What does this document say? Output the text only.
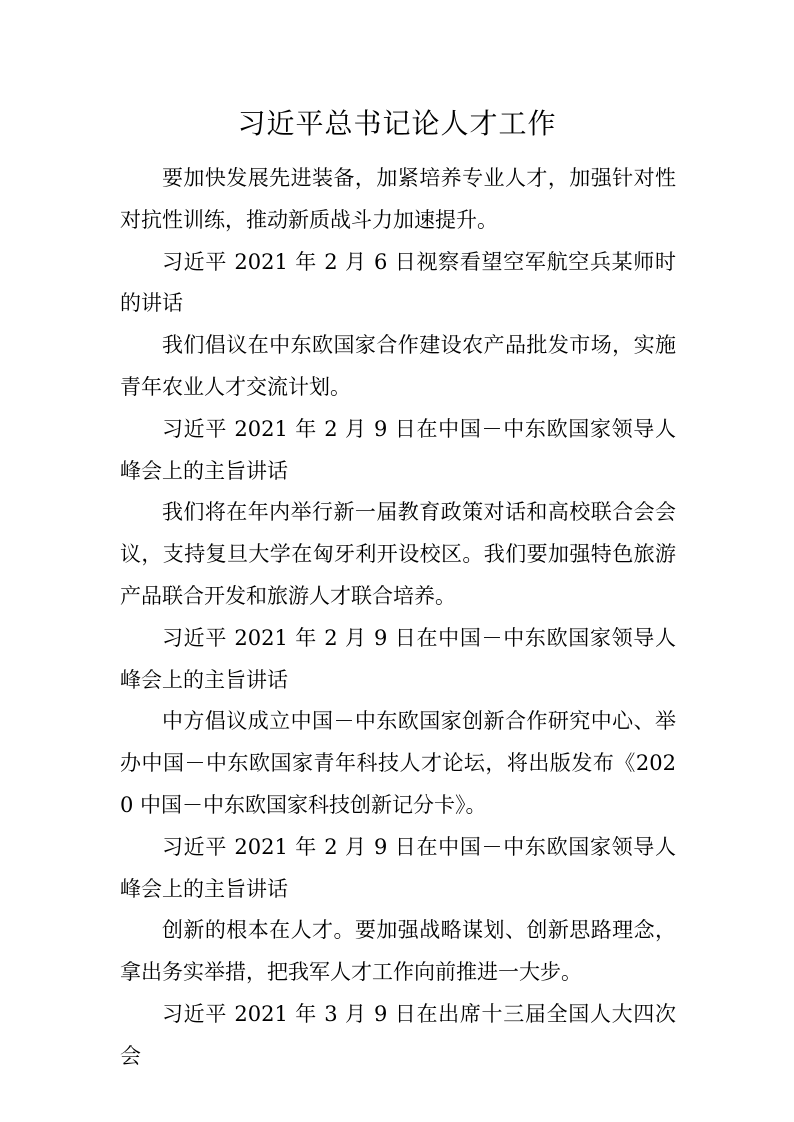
习近平总书记论人才工作

要加快发展先进装备，加紧培养专业人才，加强针对性对抗性训练，推动新质战斗力加速提升。

习近平 2021 年 2 月 6 日视察看望空军航空兵某师时的讲话

我们倡议在中东欧国家合作建设农产品批发市场，实施青年农业人才交流计划。

习近平 2021 年 2 月 9 日在中国－中东欧国家领导人峰会上的主旨讲话

我们将在年内举行新一届教育政策对话和高校联合会会议，支持复旦大学在匈牙利开设校区。我们要加强特色旅游产品联合开发和旅游人才联合培养。

习近平 2021 年 2 月 9 日在中国－中东欧国家领导人峰会上的主旨讲话

中方倡议成立中国－中东欧国家创新合作研究中心、举办中国－中东欧国家青年科技人才论坛，将出版发布《2020 中国－中东欧国家科技创新记分卡》。

习近平 2021 年 2 月 9 日在中国－中东欧国家领导人峰会上的主旨讲话

创新的根本在人才。要加强战略谋划、创新思路理念，拿出务实举措，把我军人才工作向前推进一大步。

习近平 2021 年 3 月 9 日在出席十三届全国人大四次会
